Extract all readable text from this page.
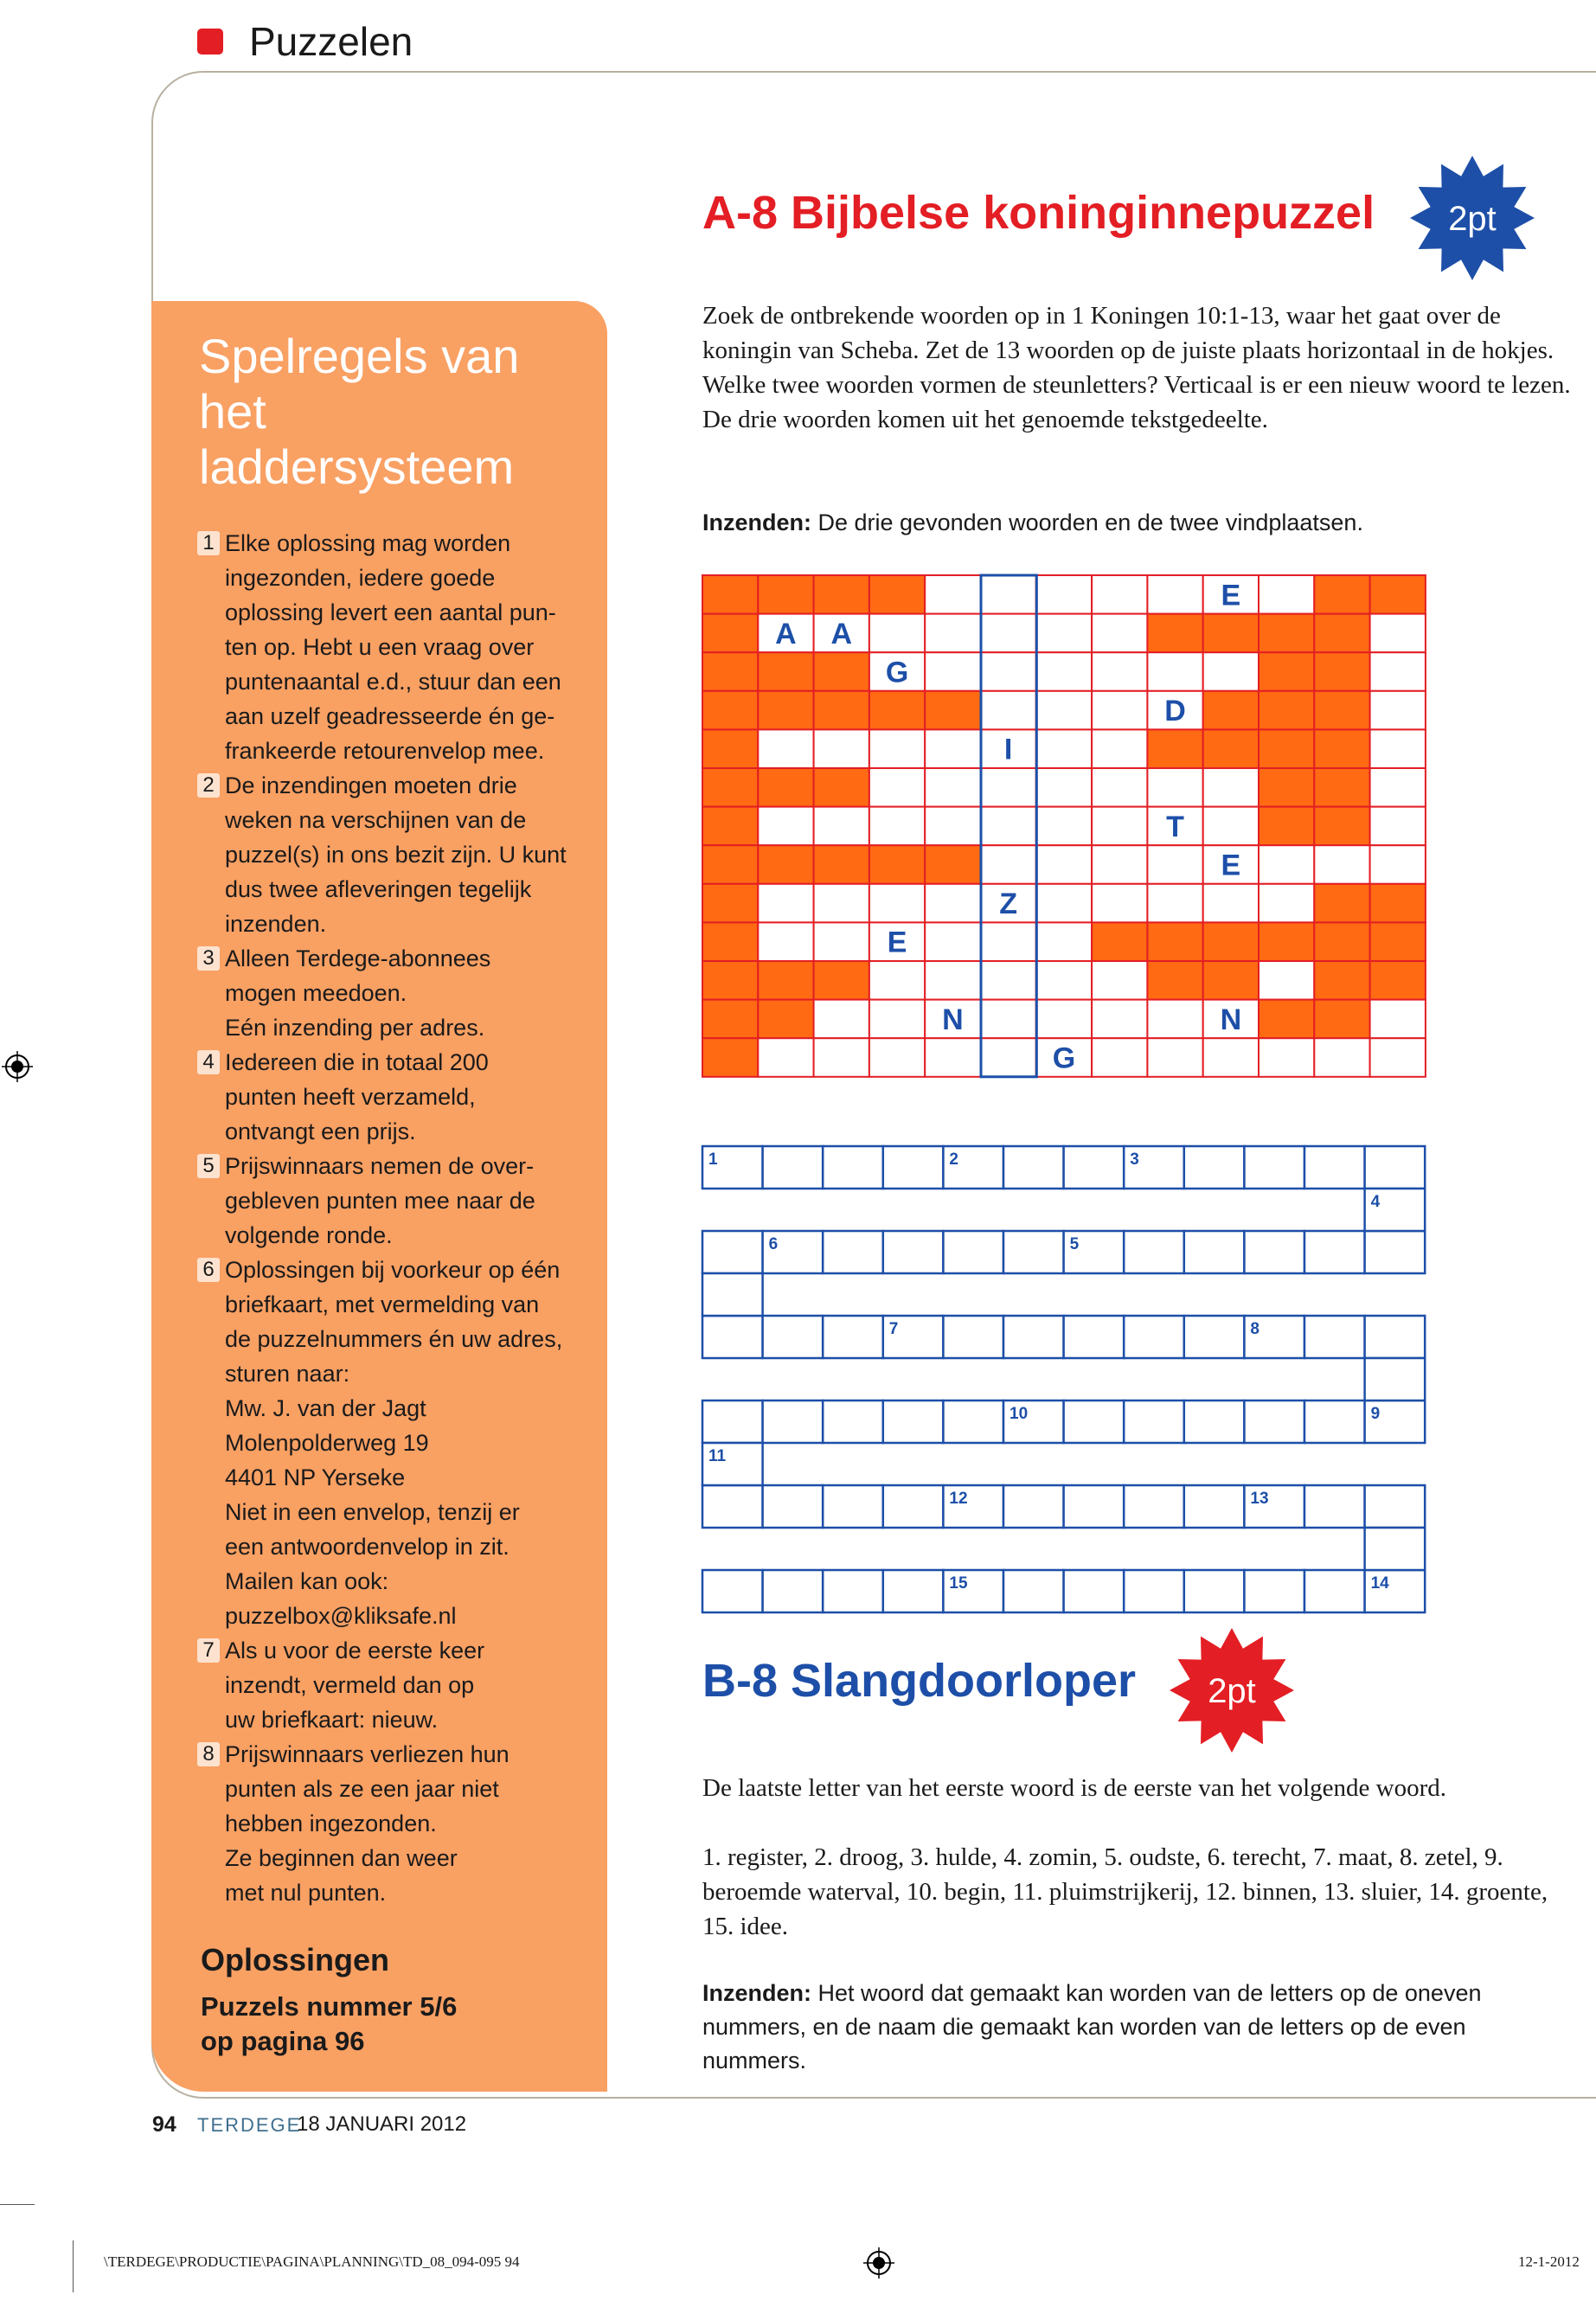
Puzzelen
Spelregels van het laddersysteem
1 Elke oplossing mag worden
ingezonden, iedere goede
oplossing levert een aantal pun-
ten op. Hebt u een vraag over
puntenaantal e.d., stuur dan een
aan uzelf geadresseerde én ge-
frankeerde retourenvelop mee.
2 De inzendingen moeten drie
weken na verschijnen van de
puzzel(s) in ons bezit zijn. U kunt
dus twee afleveringen tegelijk
inzenden.
3 Alleen Terdege-abonnees
mogen meedoen.
Eén inzending per adres.
4 Iedereen die in totaal 200
punten heeft verzameld,
ontvangt een prijs.
5 Prijswinnaars nemen de over-
gebleven punten mee naar de
volgende ronde.
6 Oplossingen bij voorkeur op één
briefkaart, met vermelding van
de puzzelnummers én uw adres,
sturen naar:
Mw. J. van der Jagt
Molenpolderweg 19
4401 NP Yerseke
Niet in een envelop, tenzij er
een antwoordenvelop in zit.
Mailen kan ook:
puzzelbox@kliksafe.nl
7 Als u voor de eerste keer
inzendt, vermeld dan op
uw briefkaart: nieuw.
8 Prijswinnaars verliezen hun
punten als ze een jaar niet
hebben ingezonden.
Ze beginnen dan weer
met nul punten.
Oplossingen
Puzzels nummer 5/6
op pagina 96
A-8 Bijbelse koninginnepuzzel 2pt
Zoek de ontbrekende woorden op in 1 Koningen 10:1-13, waar het gaat over de koningin van Scheba. Zet de 13 woorden op de juiste plaats horizontaal in de hokjes. Welke twee woorden vormen de steunletters? Verticaal is er een nieuw woord te lezen. De drie woorden komen uit het genoemde tekstgedeelte.
Inzenden: De drie gevonden woorden en de twee vindplaatsen.
E
A A
G
D
I
T
E
Z
E
N	N
G
1	2	3
4
5
6
7	8
9
10
11
12	13
14
15
B-8 Slangdoorloper 2pt
De laatste letter van het eerste woord is de eerste van het volgende woord.
1. register, 2. droog, 3. hulde, 4. zomin, 5. oudste, 6. terecht, 7. maat, 8. zetel, 9. beroemde waterval, 10. begin, 11. pluimstrijkerij, 12. binnen, 13. sluier, 14. groente, 15. idee.
Inzenden: Het woord dat gemaakt kan worden van de letters op de oneven nummers, en de naam die gemaakt kan worden van de letters op de even nummers.
94 TERDEGE
18 JANUARI 2012
\TERDEGE\PRODUCTIE\PAGINA\PLANNING\TD_08_094-095 94	12-1-2012
